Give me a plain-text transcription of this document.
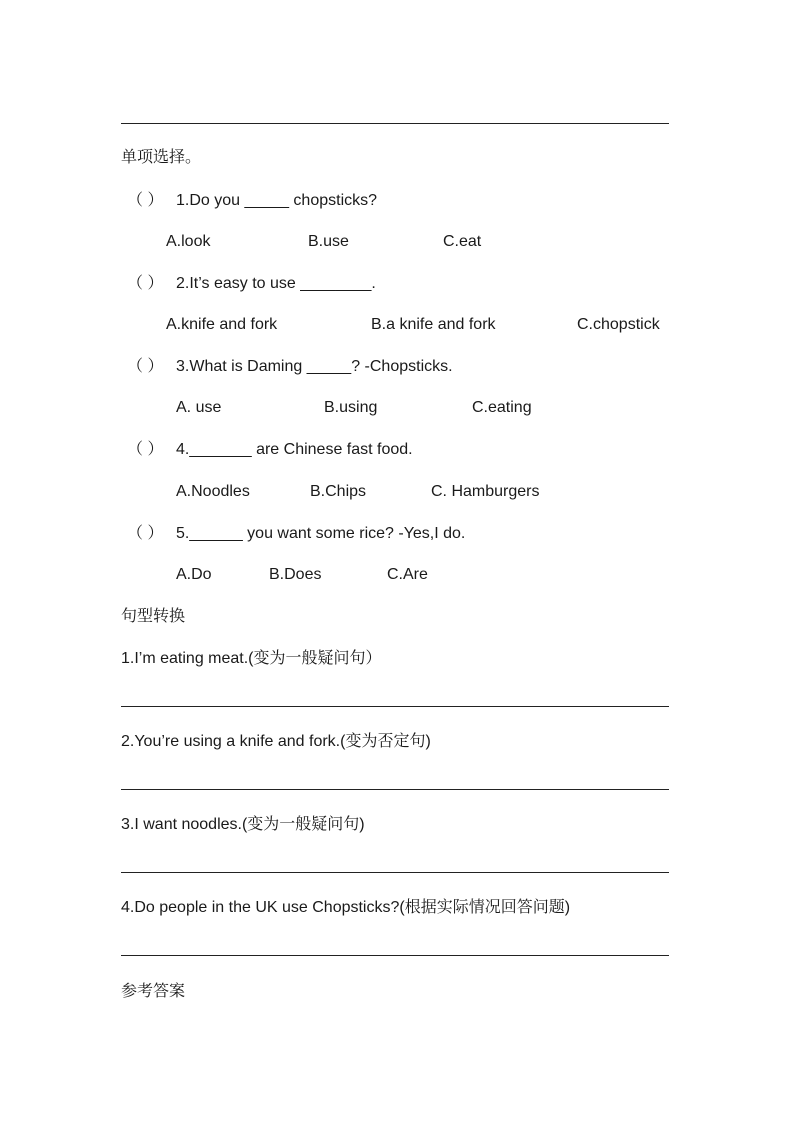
单项选择。
（ ） 1.Do you _____ chopsticks?
A.look	B.use	C.eat
（ ） 2.It’s easy to use ________.
A.knife and fork	B.a knife and fork	C.chopstick
（ ） 3.What is Daming _____? -Chopsticks.
A. use	B.using	C.eating
（ ） 4._______ are Chinese fast food.
A.Noodles	B.Chips	C. Hamburgers
（ ） 5.______ you want some rice? -Yes,I do.
A.Do	B.Does	C.Are
句型转换
1.I’m eating meat.(变为一般疑问句）
2.You’re using a knife and fork.(变为否定句)
3.I want noodles.(变为一般疑问句)
4.Do people in the UK use Chopsticks?(根据实际情况回答问题)
参考答案
